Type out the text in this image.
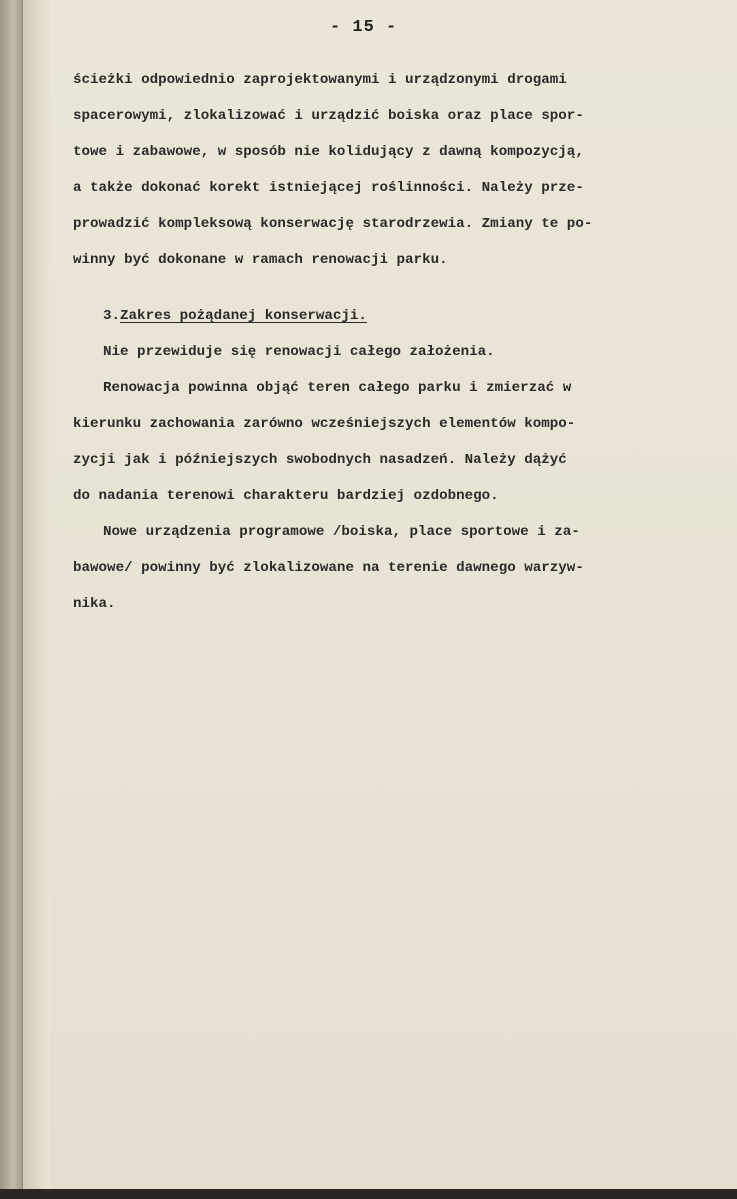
- 15 -
ścieżki odpowiednio zaprojektowanymi i urządzonymi drogami
spacerowymi, zlokalizować i urządzić boiska oraz place spor-
towe i zabawowe, w sposób nie kolidujący z dawną kompozycją,
a także dokonać korekt istniejącej roślinności. Należy prze-
prowadzić kompleksową konserwację starodrzewia. Zmiany te po-
winny być dokonane w ramach renowacji parku.
3.Zakres pożądanej konserwacji.
Nie przewiduje się renowacji całego założenia.
Renowacja powinna objąć teren całego parku i zmierzać w
kierunku zachowania zarówno wcześniejszych elementów kompo-
zycji jak i późniejszych swobodnych nasadzeń. Należy dążyć
do nadania terenowi charakteru bardziej ozdobnego.
Nowe urządzenia programowe /boiska, place sportowe i za-
bawowe/ powinny być zlokalizowane na terenie dawnego warzyw-
nika.
